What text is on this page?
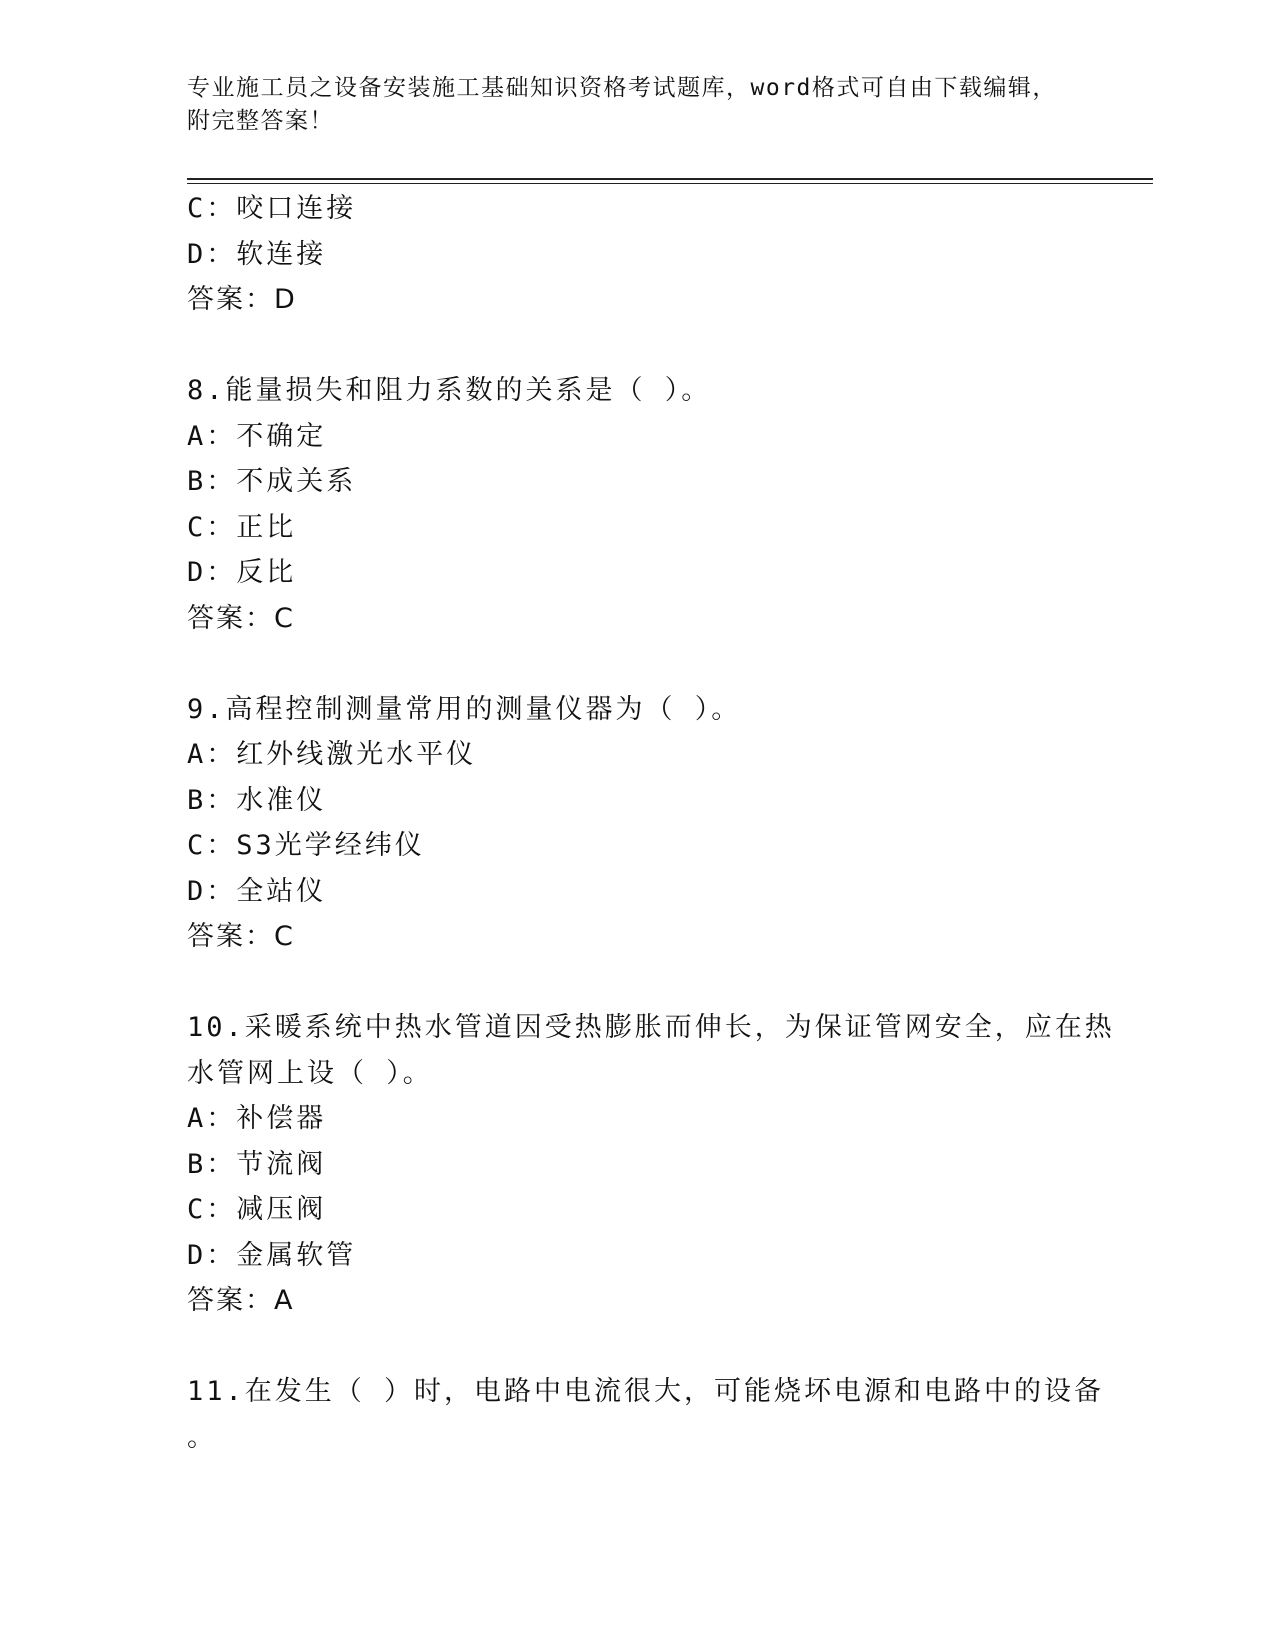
专业施工员之设备安装施工基础知识资格考试题库，word格式可自由下载编辑，
附完整答案！
C：咬口连接
D：软连接
答案：D
8.能量损失和阻力系数的关系是（ ）。
A：不确定
B：不成关系
C：正比
D：反比
答案：C
9.高程控制测量常用的测量仪器为（ ）。
A：红外线激光水平仪
B：水准仪
C：S3光学经纬仪
D：全站仪
答案：C
10.采暖系统中热水管道因受热膨胀而伸长，为保证管网安全，应在热
水管网上设（ ）。
A：补偿器
B：节流阀
C：减压阀
D：金属软管
答案：A
11.在发生（ ）时，电路中电流很大，可能烧坏电源和电路中的设备
。
